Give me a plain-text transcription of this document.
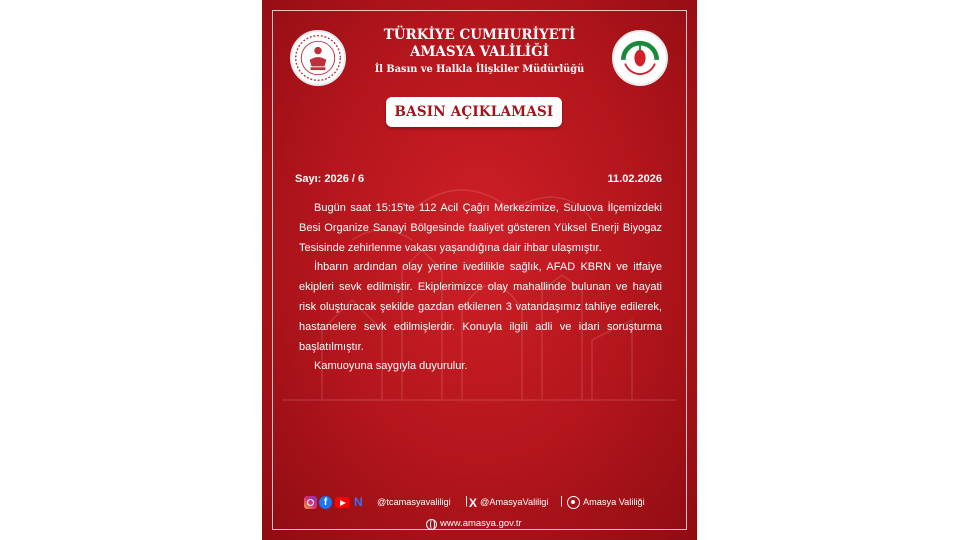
TÜRKİYE CUMHURİYETİ
AMASYA VALİLİĞİ
İl Basın ve Halkla İlişkiler Müdürlüğü
BASIN AÇIKLAMASI
Sayı: 2026 / 6	11.02.2026

Bugün saat 15:15'te 112 Acil Çağrı Merkezimize, Suluova İlçemizdeki Besi Organize Sanayi Bölgesinde faaliyet gösteren Yüksel Enerji Biyogaz Tesisinde zehirlenme vakası yaşandığına dair ihbar ulaşmıştır.

İhbarın ardından olay yerine ivedilikle sağlık, AFAD KBRN ve itfaiye ekipleri sevk edilmiştir. Ekiplerimizce olay mahallinde bulunan ve hayati risk oluşturacak şekilde gazdan etkilenen 3 vatandaşımız tahliye edilerek, hastanelere sevk edilmişlerdir. Konuyla ilgili adli ve idari soruşturma başlatılmıştır.

Kamuoyuna saygıyla duyurulur.

f	N	@tcamasyavaliligi | X @AmasyaValiligi | Amasya Valiliği
www.amasya.gov.tr
